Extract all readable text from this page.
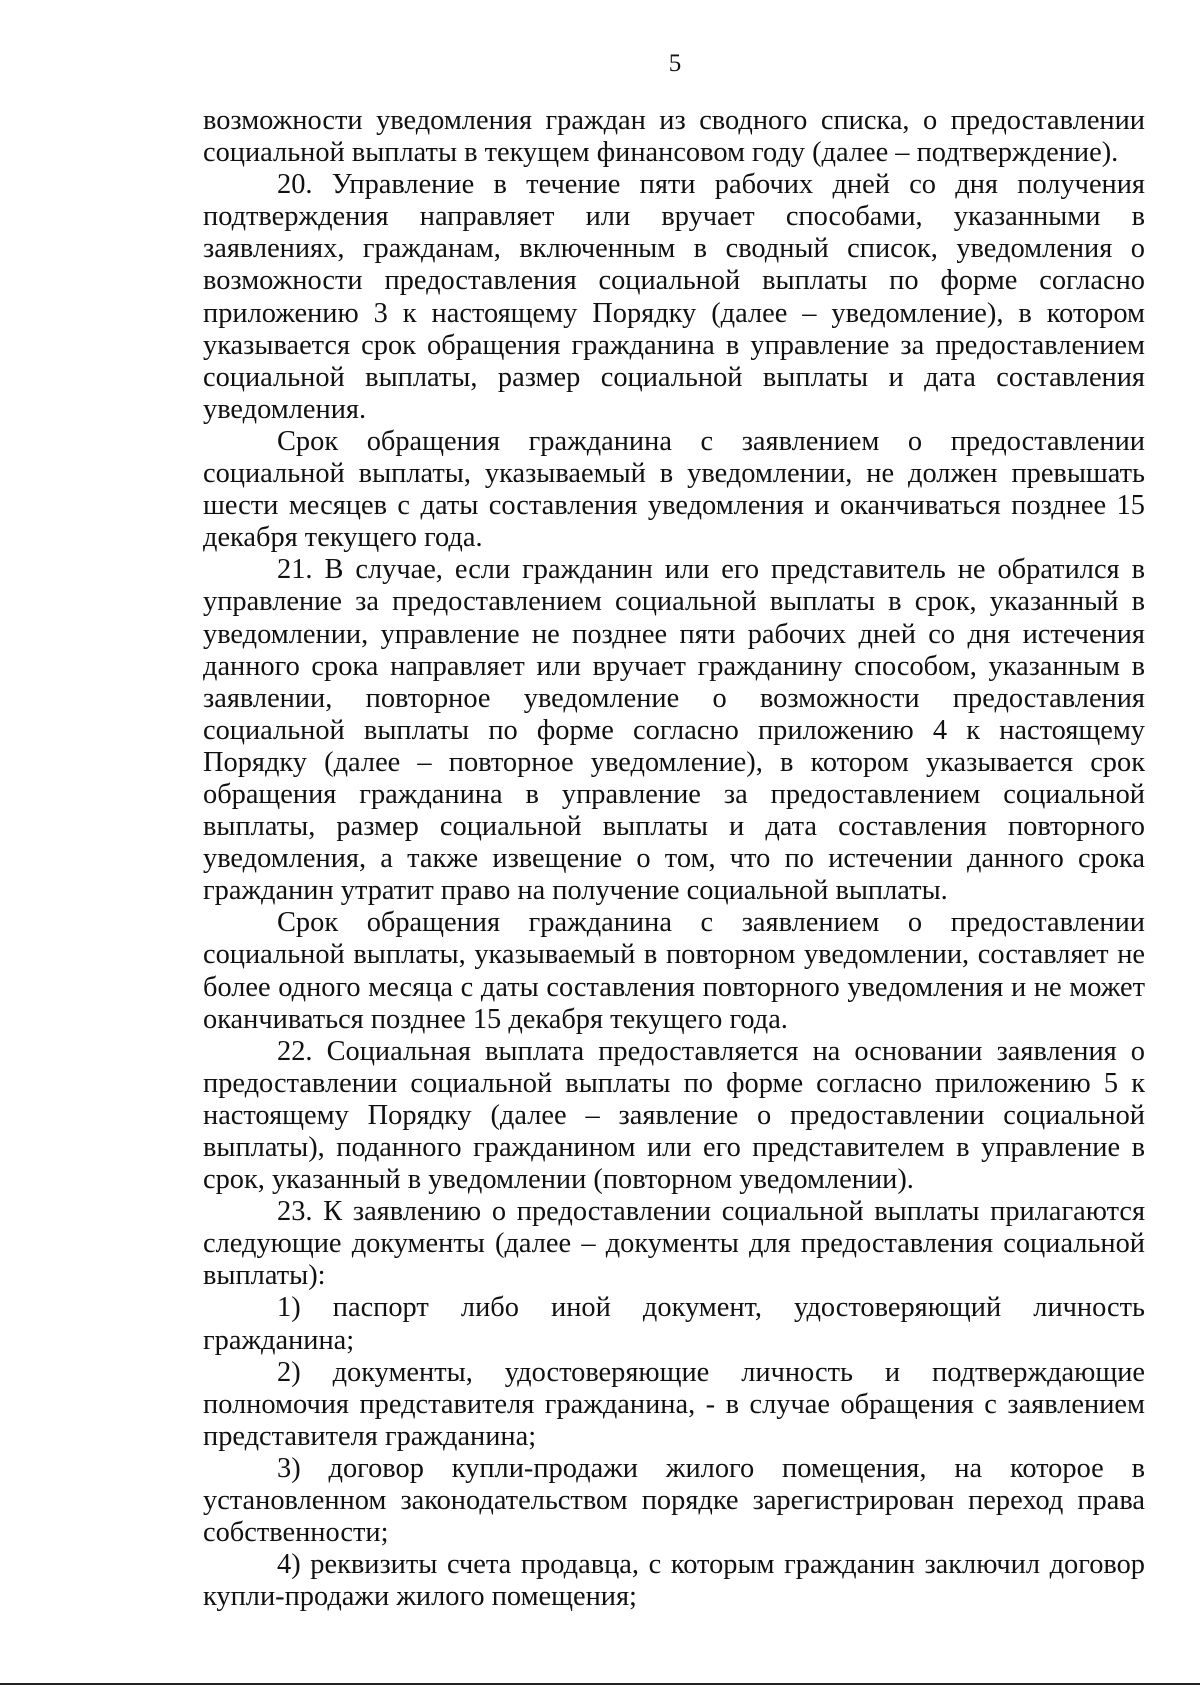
5

возможности уведомления граждан из сводного списка, о предоставлении социальной выплаты в текущем финансовом году (далее – подтверждение).

20. Управление в течение пяти рабочих дней со дня получения подтверждения направляет или вручает способами, указанными в заявлениях, гражданам, включенным в сводный список, уведомления о возможности предоставления социальной выплаты по форме согласно приложению 3 к настоящему Порядку (далее – уведомление), в котором указывается срок обращения гражданина в управление за предоставлением социальной выплаты, размер социальной выплаты и дата составления уведомления.

Срок обращения гражданина с заявлением о предоставлении социальной выплаты, указываемый в уведомлении, не должен превышать шести месяцев с даты составления уведомления и оканчиваться позднее 15 декабря текущего года.

21. В случае, если гражданин или его представитель не обратился в управление за предоставлением социальной выплаты в срок, указанный в уведомлении, управление не позднее пяти рабочих дней со дня истечения данного срока направляет или вручает гражданину способом, указанным в заявлении, повторное уведомление о возможности предоставления социальной выплаты по форме согласно приложению 4 к настоящему Порядку (далее – повторное уведомление), в котором указывается срок обращения гражданина в управление за предоставлением социальной выплаты, размер социальной выплаты и дата составления повторного уведомления, а также извещение о том, что по истечении данного срока гражданин утратит право на получение социальной выплаты.

Срок обращения гражданина с заявлением о предоставлении социальной выплаты, указываемый в повторном уведомлении, составляет не более одного месяца с даты составления повторного уведомления и не может оканчиваться позднее 15 декабря текущего года.

22. Социальная выплата предоставляется на основании заявления о предоставлении социальной выплаты по форме согласно приложению 5 к настоящему Порядку (далее – заявление о предоставлении социальной выплаты), поданного гражданином или его представителем в управление в срок, указанный в уведомлении (повторном уведомлении).

23. К заявлению о предоставлении социальной выплаты прилагаются следующие документы (далее – документы для предоставления социальной выплаты):

1) паспорт либо иной документ, удостоверяющий личность гражданина;

2) документы, удостоверяющие личность и подтверждающие полномочия представителя гражданина, - в случае обращения с заявлением представителя гражданина;

3) договор купли-продажи жилого помещения, на которое в установленном законодательством порядке зарегистрирован переход права собственности;

4) реквизиты счета продавца, с которым гражданин заключил договор купли-продажи жилого помещения;
